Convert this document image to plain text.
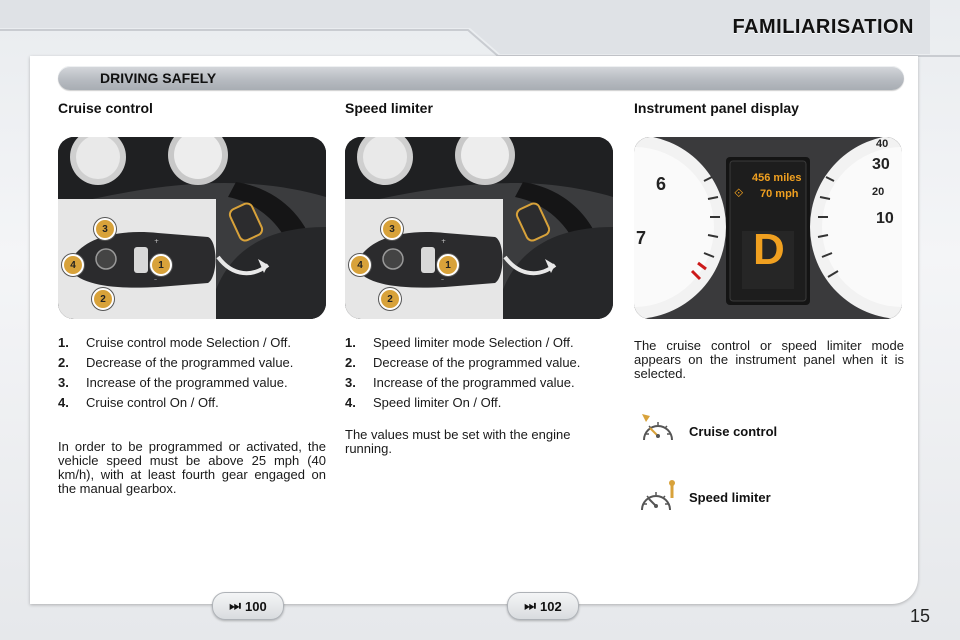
FAMILIARISATION
DRIVING SAFELY
Cruise control	Speed limiter	Instrument panel display
+
–
3
4	1
2
+
–
3
4	1
2
6
7
40
30
20
10
456 miles
70 mph
⟐
D
1.	Cruise control mode Selection / Off.
2.	Decrease of the programmed value.
3.	Increase of the programmed value.
4.	Cruise control On / Off.
In order to be programmed or activated, the vehicle speed must be above 25 mph (40 km/h), with at least fourth gear engaged on the manual gearbox.
1.	Speed limiter mode Selection / Off.
2.	Decrease of the programmed value.
3.	Increase of the programmed value.
4.	Speed limiter On / Off.
The values must be set with the engine running.
The cruise control or speed limiter mode appears on the instrument panel when it is selected.
Cruise control
Speed limiter
⏭ 100	⏭ 102	15
